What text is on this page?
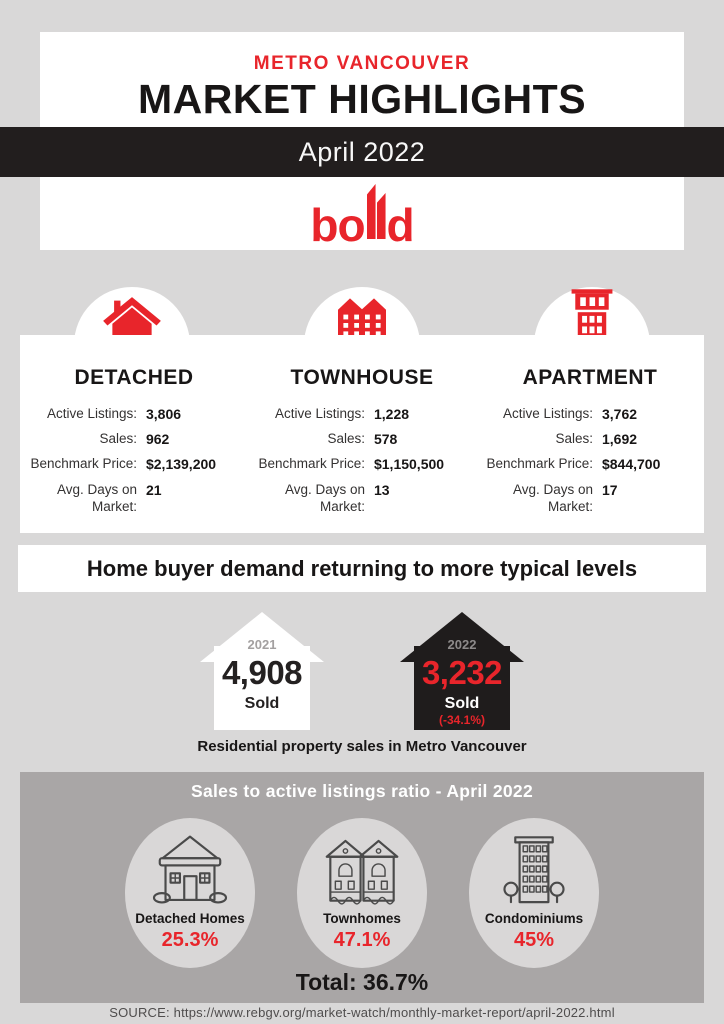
METRO VANCOUVER
MARKET HIGHLIGHTS
April 2022
bo d
DETACHED
Active Listings: 3,806
Sales: 962
Benchmark Price: $2,139,200
Avg. Days on Market:
21
TOWNHOUSE
Active Listings: 1,228
Sales: 578
Benchmark Price: $1,150,500
Avg. Days on Market:
13
APARTMENT
Active Listings: 3,762
Sales: 1,692
Benchmark Price: $844,700
Avg. Days on Market:
17
Home buyer demand returning to more typical levels
2021
4,908
Sold
2022
3,232
Sold
(-34.1%)
Residential property sales in Metro Vancouver
Sales to active listings ratio - April 2022
Detached Homes
25.3%
Townhomes
47.1%
Condominiums
45%
Total: 36.7%
SOURCE: https://www.rebgv.org/market-watch/monthly-market-report/april-2022.html
